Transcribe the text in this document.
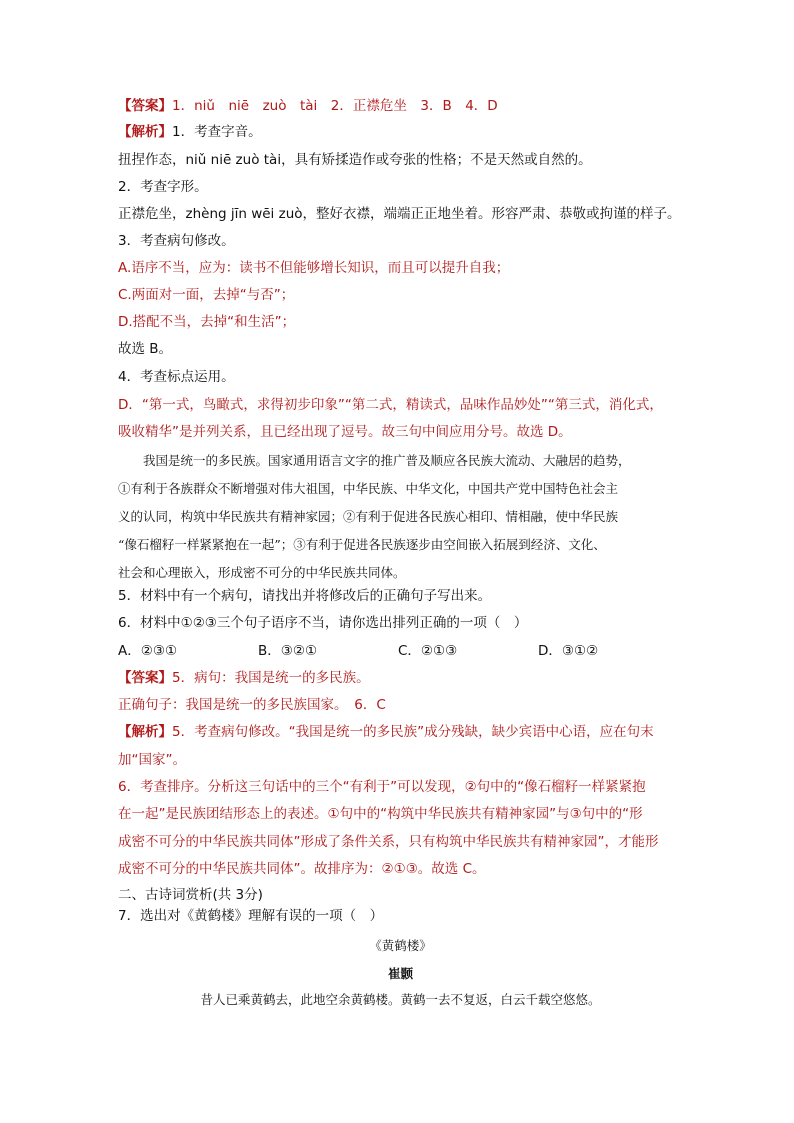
【答案】1．niǔ　niē　zuò　tài　2．正襟危坐　3．B　4．D
【解析】1．考查字音。
扭捏作态，niǔ niē zuò tài，具有矫揉造作或夸张的性格；不是天然或自然的。
2．考查字形。
正襟危坐，zhèng jīn wēi zuò，整好衣襟，端端正正地坐着。形容严肃、恭敬或拘谨的样子。
3．考查病句修改。
A.语序不当，应为：读书不但能够增长知识，而且可以提升自我；
C.两面对一面，去掉“与否”；
D.搭配不当，去掉“和生活”；
故选 B。
4．考查标点运用。
D．“第一式，鸟瞰式，求得初步印象”“第二式，精读式，品味作品妙处”“第三式，消化式，
吸收精华”是并列关系，且已经出现了逗号。故三句中间应用分号。故选 D。
　　我国是统一的多民族。国家通用语言文字的推广普及顺应各民族大流动、大融居的趋势，
①有利于各族群众不断增强对伟大祖国，中华民族、中华文化，中国共产党中国特色社会主
义的认同，构筑中华民族共有精神家园；②有利于促进各民族心相印、情相融，使中华民族
“像石榴籽一样紧紧抱在一起”；③有利于促进各民族逐步由空间嵌入拓展到经济、文化、
社会和心理嵌入，形成密不可分的中华民族共同体。
5．材料中有一个病句，请找出并将修改后的正确句子写出来。
6．材料中①②③三个句子语序不当，请你选出排列正确的一项（　）
A．②③①	B．③②①	C．②①③	D．③①②
【答案】5．病句：我国是统一的多民族。
正确句子：我国是统一的多民族国家。　6．C
【解析】5．考查病句修改。“我国是统一的多民族”成分残缺，缺少宾语中心语，应在句末
加“国家”。
6．考查排序。分析这三句话中的三个“有利于”可以发现，②句中的“像石榴籽一样紧紧抱
在一起”是民族团结形态上的表述。①句中的“构筑中华民族共有精神家园”与③句中的“形
成密不可分的中华民族共同体”形成了条件关系，只有构筑中华民族共有精神家园”，才能形
成密不可分的中华民族共同体”。故排序为：②①③。故选 C。
二、古诗词赏析(共 3分)
7．选出对《黄鹤楼》理解有误的一项（　）
《黄鹤楼》
崔颢
昔人已乘黄鹤去，此地空余黄鹤楼。黄鹤一去不复返，白云千载空悠悠。
